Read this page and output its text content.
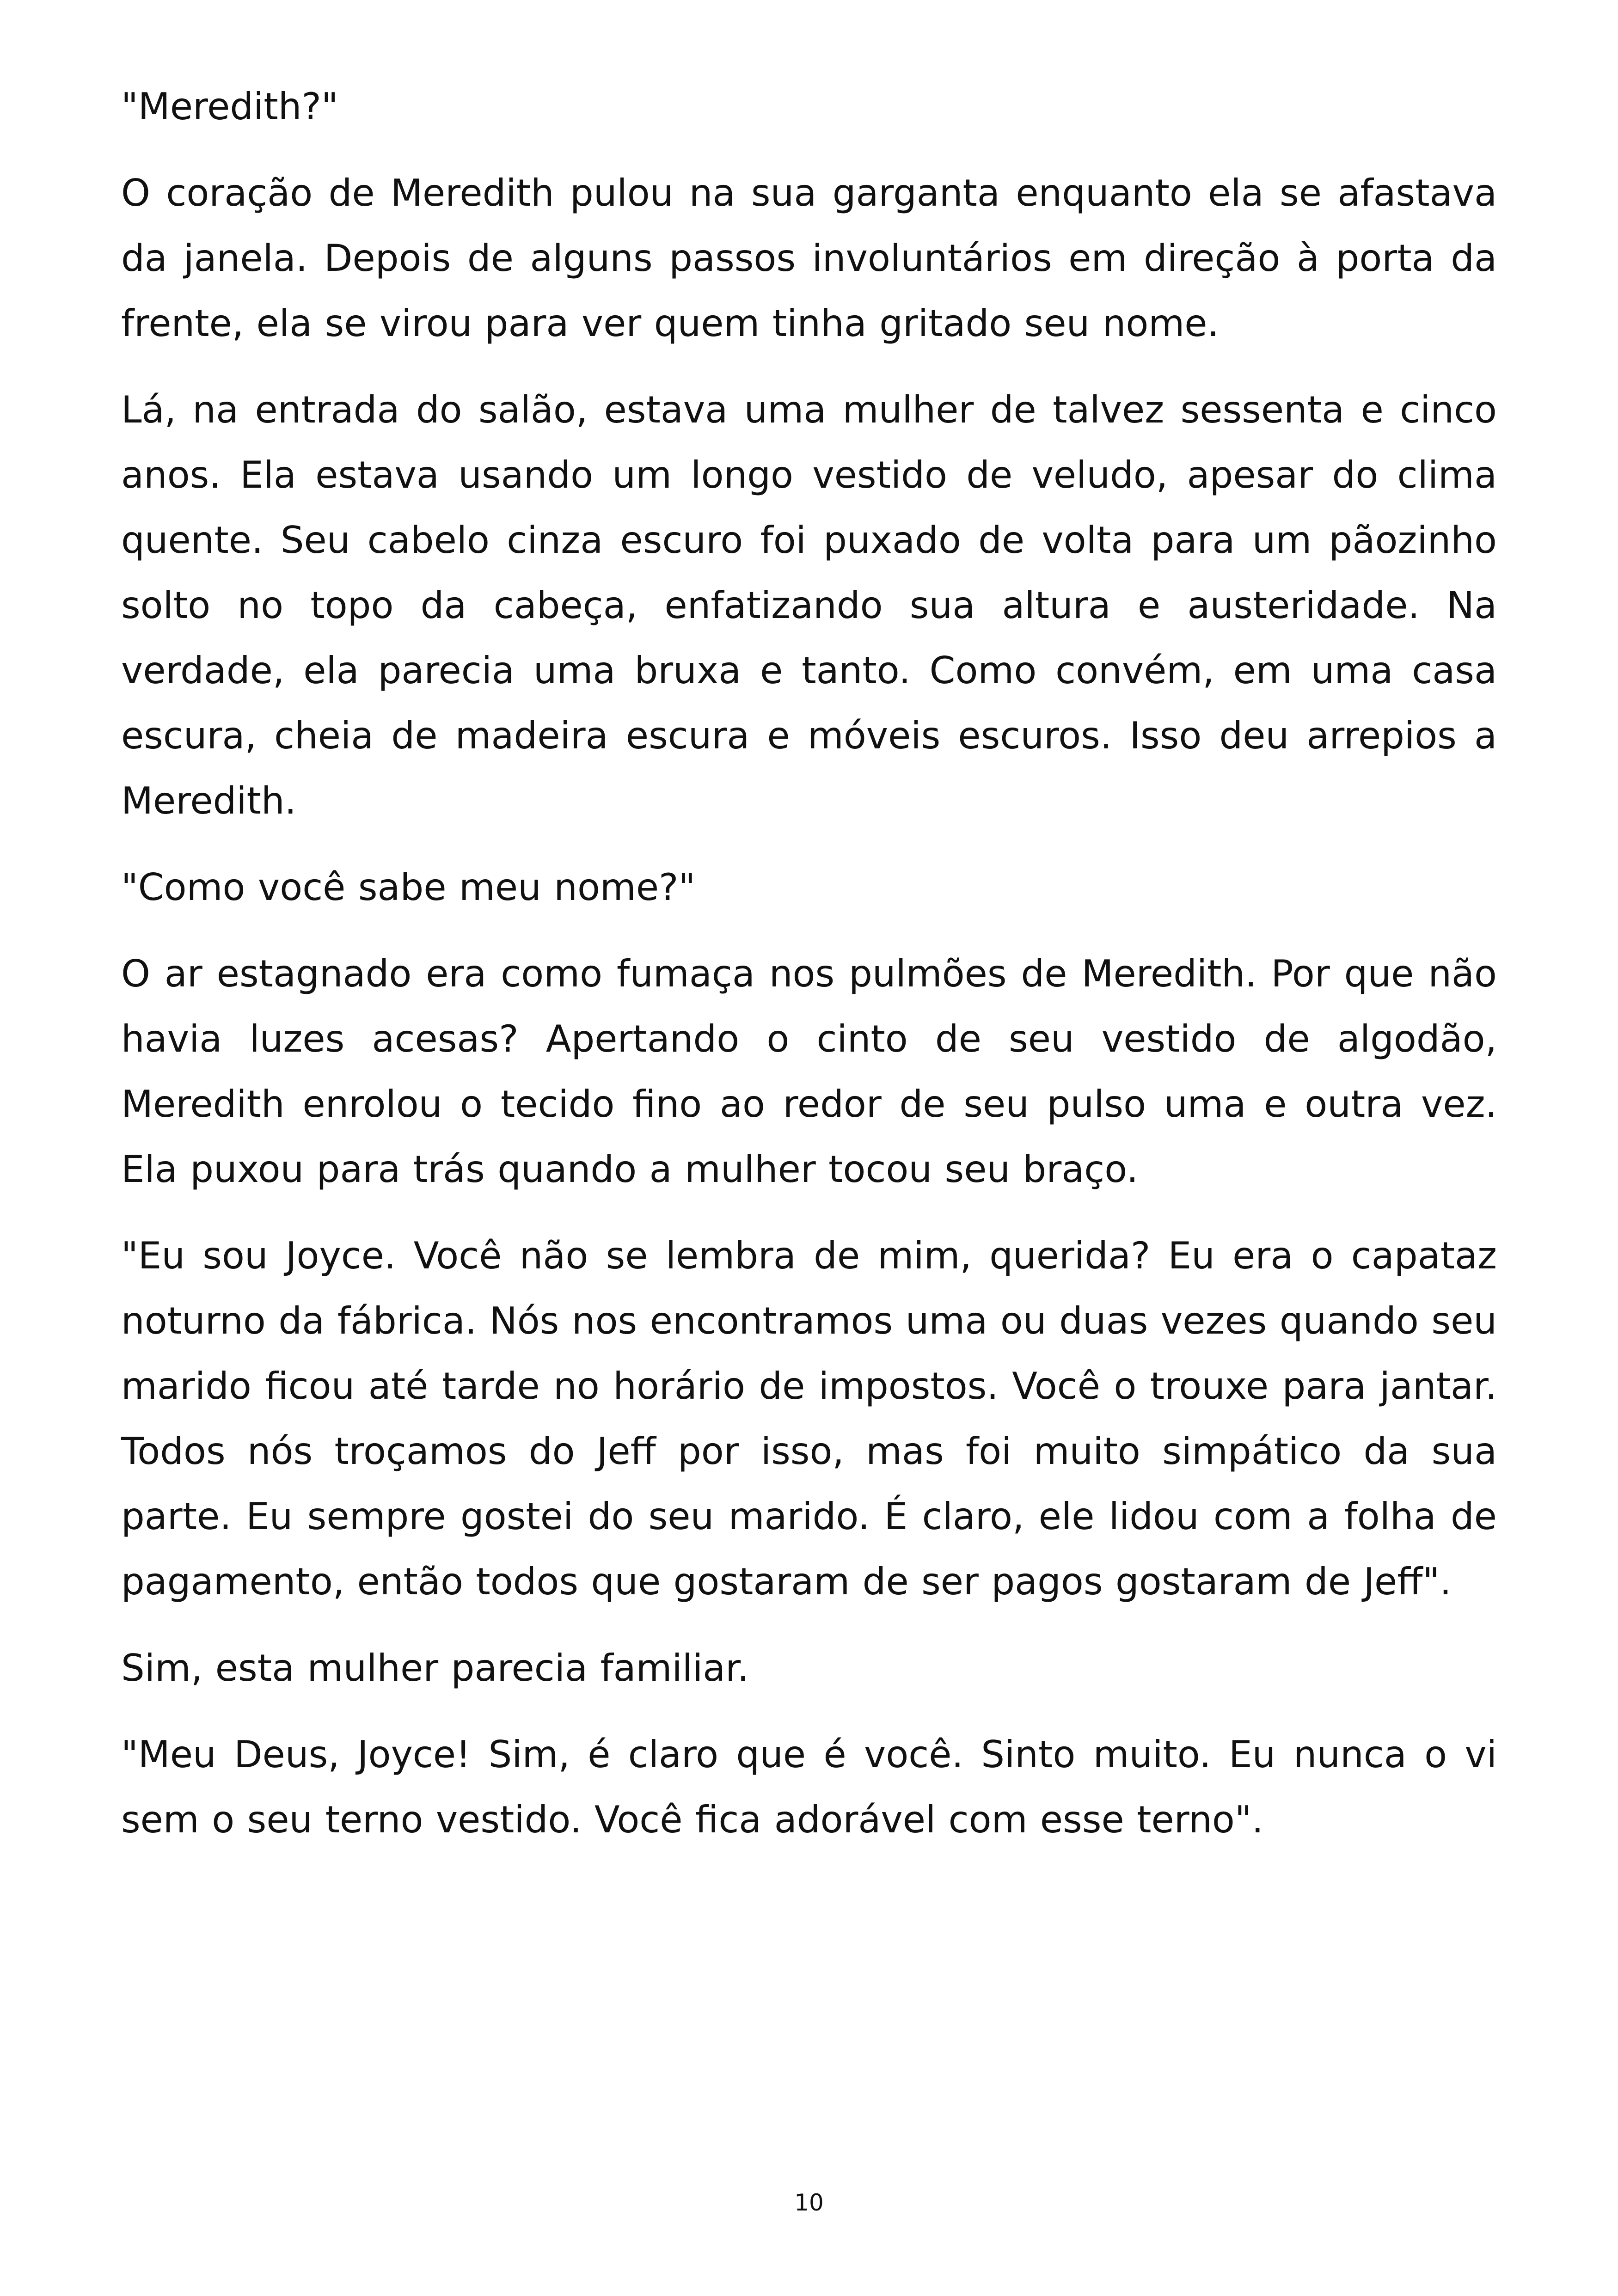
"Meredith?"

O coração de Meredith pulou na sua garganta enquanto ela se afastava da janela. Depois de alguns passos involuntários em direção à porta da frente, ela se virou para ver quem tinha gritado seu nome.

Lá, na entrada do salão, estava uma mulher de talvez sessenta e cinco anos. Ela estava usando um longo vestido de veludo, apesar do clima quente. Seu cabelo cinza escuro foi puxado de volta para um pãozinho solto no topo da cabeça, enfatizando sua altura e austeridade. Na verdade, ela parecia uma bruxa e tanto. Como convém, em uma casa escura, cheia de madeira escura e móveis escuros. Isso deu arrepios a Meredith.

"Como você sabe meu nome?"

O ar estagnado era como fumaça nos pulmões de Meredith. Por que não havia luzes acesas? Apertando o cinto de seu vestido de algodão, Meredith enrolou o tecido fino ao redor de seu pulso uma e outra vez. Ela puxou para trás quando a mulher tocou seu braço.

"Eu sou Joyce. Você não se lembra de mim, querida? Eu era o capataz noturno da fábrica. Nós nos encontramos uma ou duas vezes quando seu marido ficou até tarde no horário de impostos. Você o trouxe para jantar. Todos nós troçamos do Jeff por isso, mas foi muito simpático da sua parte. Eu sempre gostei do seu marido. É claro, ele lidou com a folha de pagamento, então todos que gostaram de ser pagos gostaram de Jeff".

Sim, esta mulher parecia familiar.

"Meu Deus, Joyce! Sim, é claro que é você. Sinto muito. Eu nunca o vi sem o seu terno vestido. Você fica adorável com esse terno".

10
